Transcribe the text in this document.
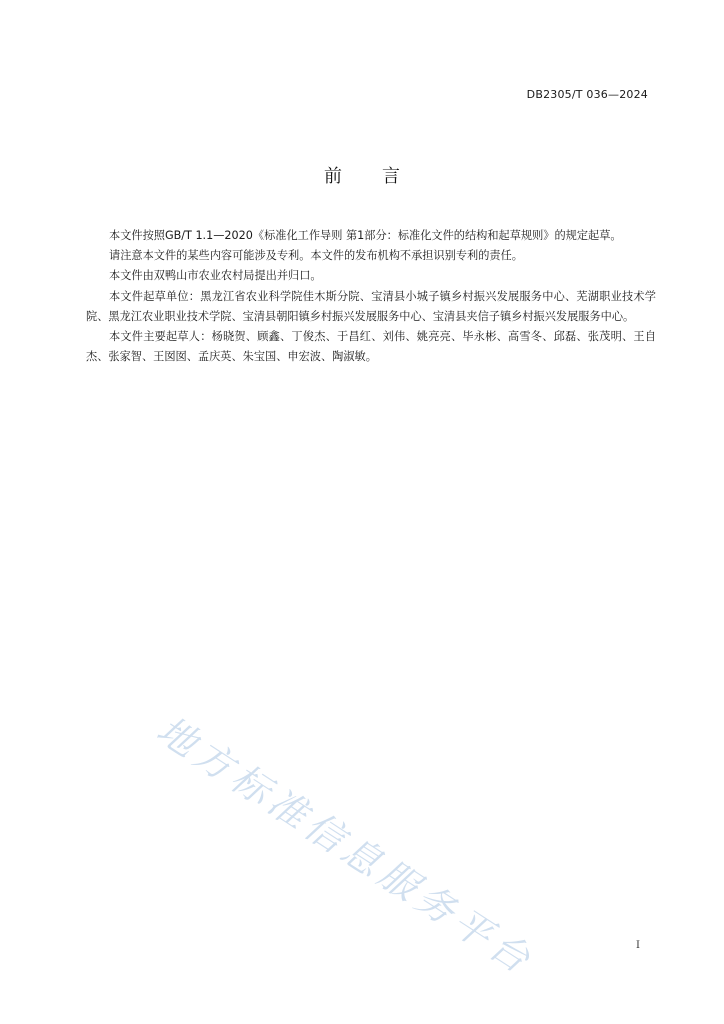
DB2305/T 036—2024
前 言

本文件按照GB/T 1.1—2020《标准化工作导则 第1部分：标准化文件的结构和起草规则》的规定起草。

请注意本文件的某些内容可能涉及专利。本文件的发布机构不承担识别专利的责任。

本文件由双鸭山市农业农村局提出并归口。

本文件起草单位：黑龙江省农业科学院佳木斯分院、宝清县小城子镇乡村振兴发展服务中心、芜湖职业技术学院、黑龙江农业职业技术学院、宝清县朝阳镇乡村振兴发展服务中心、宝清县夹信子镇乡村振兴发展服务中心。

本文件主要起草人：杨晓贺、顾鑫、丁俊杰、于昌红、刘伟、姚亮亮、毕永彬、高雪冬、邱磊、张茂明、王自杰、张家智、王囡囡、孟庆英、朱宝国、申宏波、陶淑敏。

地方标准信息服务平台	I
